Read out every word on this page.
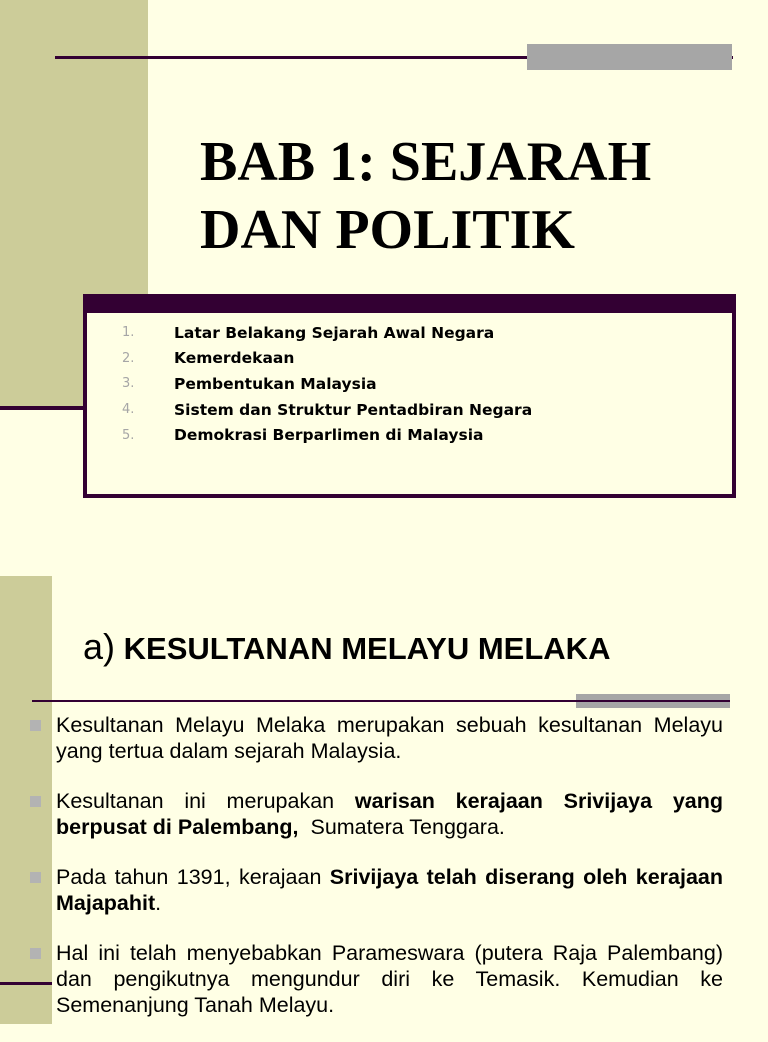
BAB 1: SEJARAH
DAN POLITIK
1.	Latar Belakang Sejarah Awal Negara
2.	Kemerdekaan
3.	Pembentukan Malaysia
4.	Sistem dan Struktur Pentadbiran Negara
5.	Demokrasi Berparlimen di Malaysia
a) KESULTANAN MELAYU MELAKA
Kesultanan Melayu Melaka merupakan sebuah kesultanan Melayu yang tertua dalam sejarah Malaysia.
Kesultanan ini merupakan warisan kerajaan Srivijaya yang berpusat di Palembang,  Sumatera Tenggara.
Pada tahun 1391, kerajaan Srivijaya telah diserang oleh kerajaan Majapahit.
Hal ini telah menyebabkan Parameswara (putera Raja Palembang) dan pengikutnya mengundur diri ke Temasik. Kemudian ke Semenanjung Tanah Melayu.
